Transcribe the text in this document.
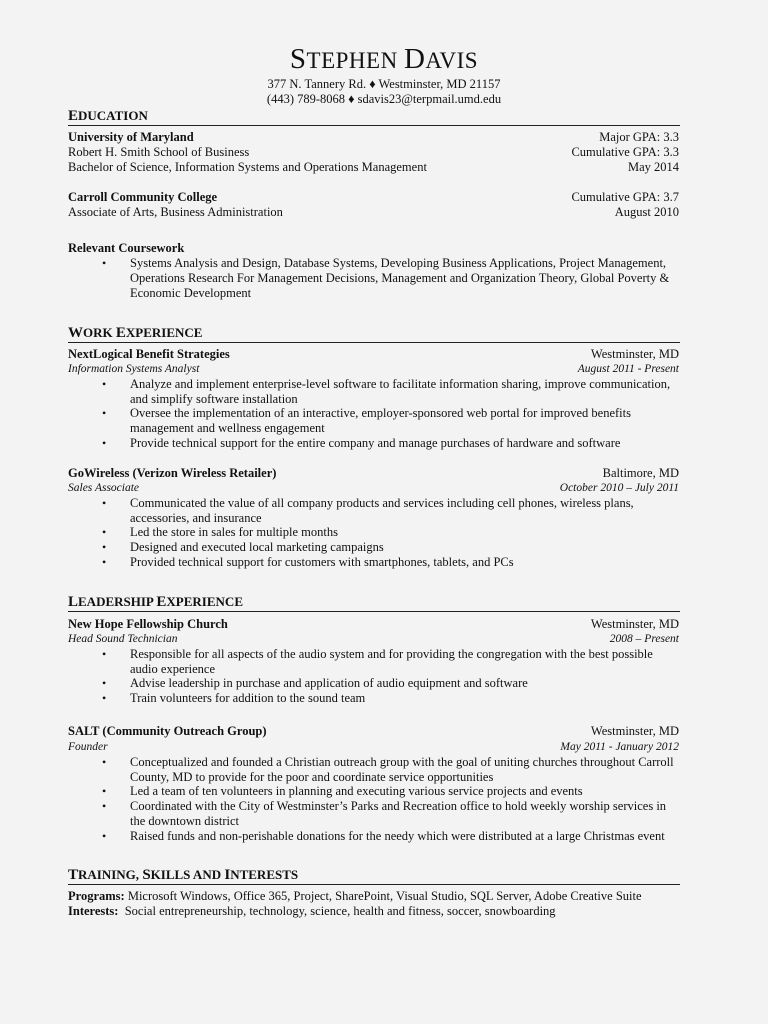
STEPHEN DAVIS
377 N. Tannery Rd. ♦ Westminster, MD 21157
(443) 789-8068 ♦ sdavis23@terpmail.umd.edu
EDUCATION
University of Maryland	Major GPA: 3.3
Robert H. Smith School of Business	Cumulative GPA: 3.3
Bachelor of Science, Information Systems and Operations Management	May 2014
Carroll Community College	Cumulative GPA: 3.7
Associate of Arts, Business Administration	August 2010
Relevant Coursework
• Systems Analysis and Design, Database Systems, Developing Business Applications, Project Management,
Operations Research For Management Decisions, Management and Organization Theory, Global Poverty &
Economic Development
WORK EXPERIENCE
NextLogical Benefit Strategies	Westminster, MD
Information Systems Analyst	August 2011 - Present
• Analyze and implement enterprise-level software to facilitate information sharing, improve communication,
and simplify software installation
• Oversee the implementation of an interactive, employer-sponsored web portal for improved benefits
management and wellness engagement
• Provide technical support for the entire company and manage purchases of hardware and software
GoWireless (Verizon Wireless Retailer)	Baltimore, MD
Sales Associate	October 2010 – July 2011
• Communicated the value of all company products and services including cell phones, wireless plans,
accessories, and insurance
• Led the store in sales for multiple months
• Designed and executed local marketing campaigns
• Provided technical support for customers with smartphones, tablets, and PCs
LEADERSHIP EXPERIENCE
New Hope Fellowship Church	Westminster, MD
Head Sound Technician	2008 – Present
• Responsible for all aspects of the audio system and for providing the congregation with the best possible
audio experience
• Advise leadership in purchase and application of audio equipment and software
• Train volunteers for addition to the sound team
SALT (Community Outreach Group)	Westminster, MD
Founder	May 2011 - January 2012
• Conceptualized and founded a Christian outreach group with the goal of uniting churches throughout Carroll
County, MD to provide for the poor and coordinate service opportunities
• Led a team of ten volunteers in planning and executing various service projects and events
• Coordinated with the City of Westminster’s Parks and Recreation office to hold weekly worship services in
the downtown district
• Raised funds and non-perishable donations for the needy which were distributed at a large Christmas event
TRAINING, SKILLS AND INTERESTS
Programs: Microsoft Windows, Office 365, Project, SharePoint, Visual Studio, SQL Server, Adobe Creative Suite
Interests: Social entrepreneurship, technology, science, health and fitness, soccer, snowboarding
